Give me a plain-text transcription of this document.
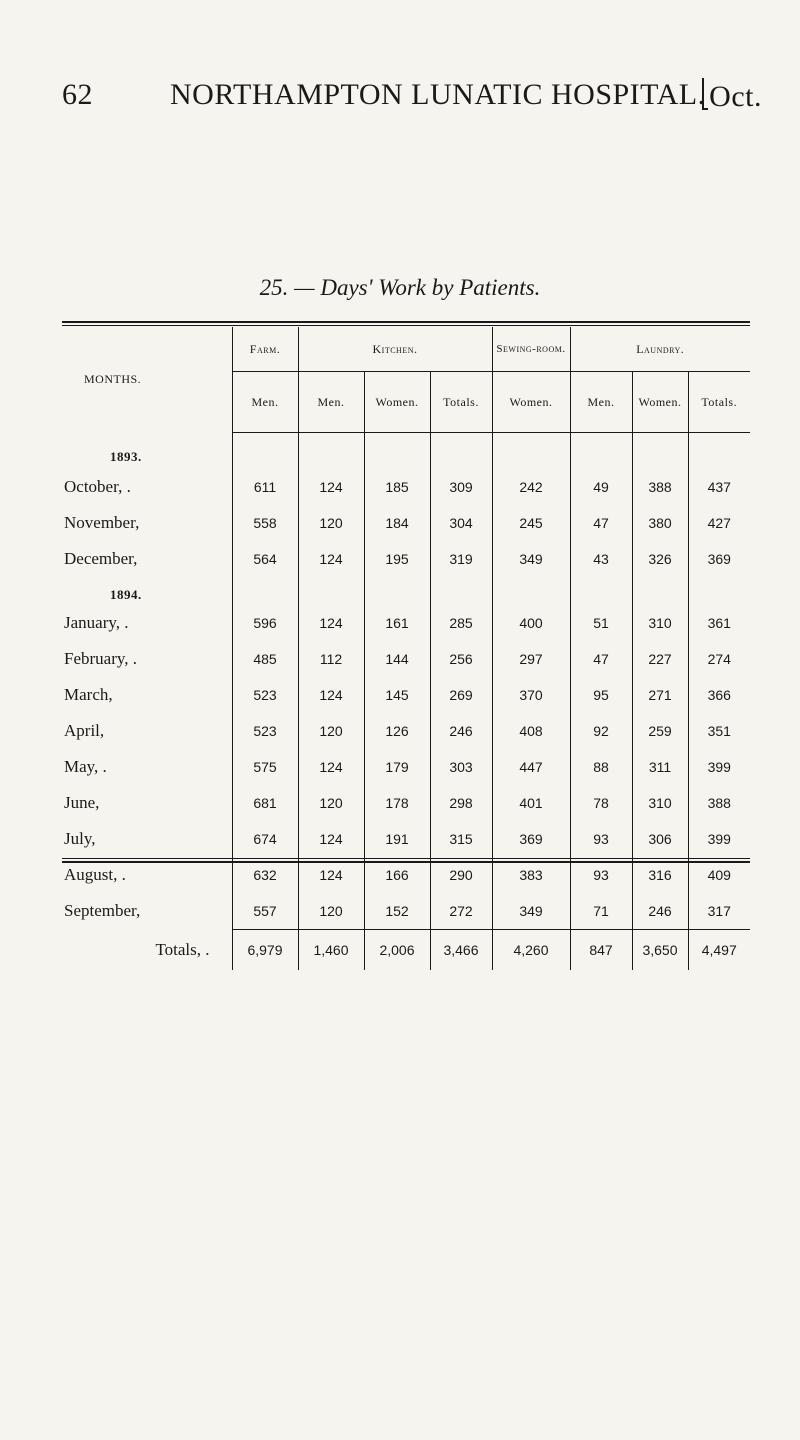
62	NORTHAMPTON LUNATIC HOSPITAL. Oct.
25. — Days' Work by Patients.
MONTHS.	Farm.	Kitchen.			Sewing-room.	Laundry.		
	Men.	Men.	Women.	Totals.	Women.	Men.	Women.	Totals.

1893.
October, .	611	124	185	309	242	49	388	437
November,	558	120	184	304	245	47	380	427
December,	564	124	195	319	349	43	326	369

1894.
January, .	596	124	161	285	400	51	310	361
February, .	485	112	144	256	297	47	227	274
March,	523	124	145	269	370	95	271	366
April,	523	120	126	246	408	92	259	351
May, .	575	124	179	303	447	88	311	399
June,	681	120	178	298	401	78	310	388
July,	674	124	191	315	369	93	306	399
August, .	632	124	166	290	383	93	316	409
September,	557	120	152	272	349	71	246	317
Totals, .	6,979	1,460	2,006	3,466	4,260	847	3,650	4,497
